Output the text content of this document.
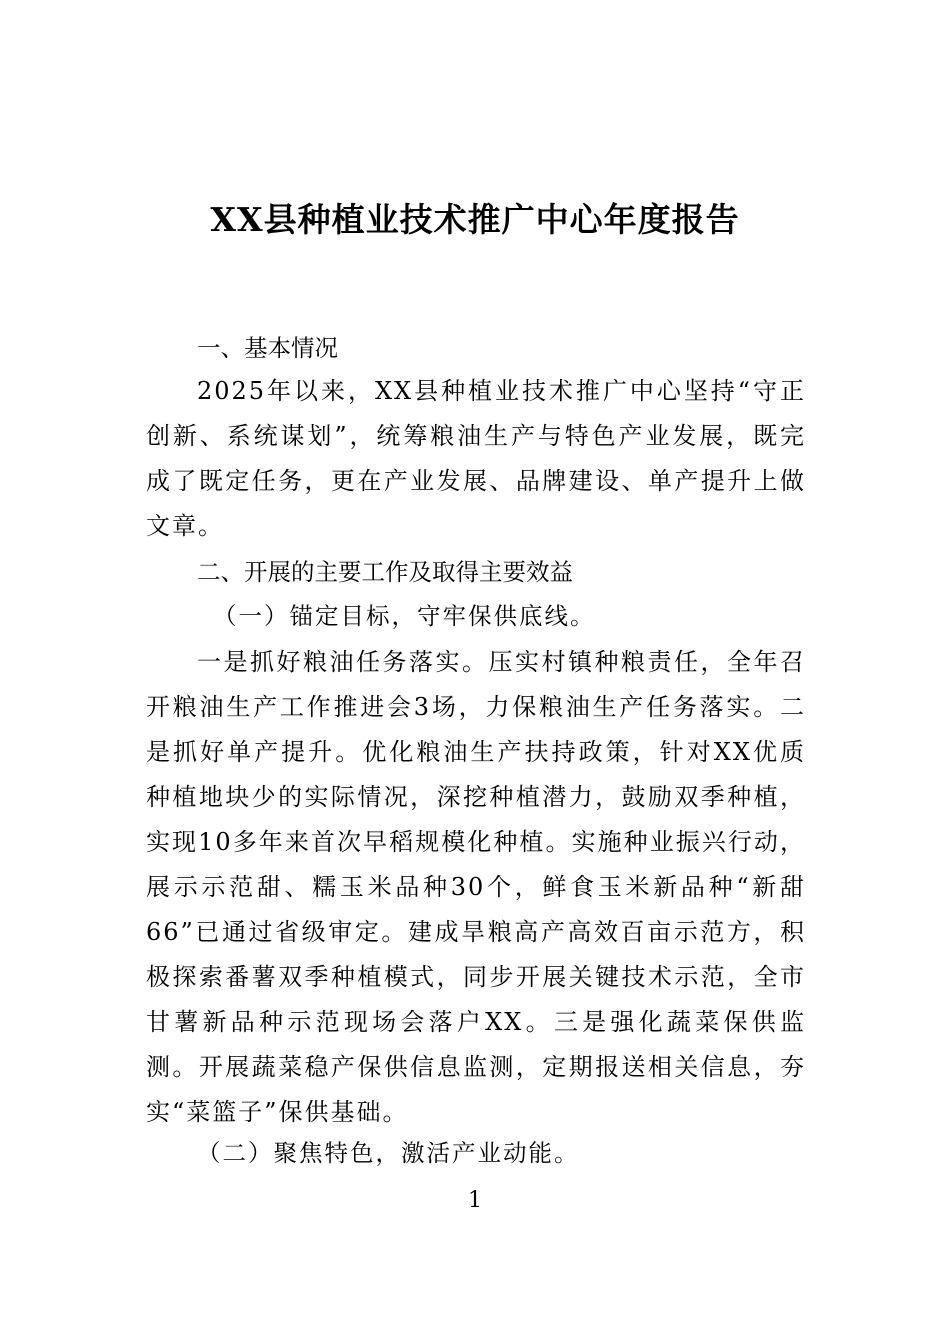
XX县种植业技术推广中心年度报告
一、基本情况

2025年以来，XX县种植业技术推广中心坚持“守正创新、系统谋划”，统筹粮油生产与特色产业发展，既完成了既定任务，更在产业发展、品牌建设、单产提升上做文章。

二、开展的主要工作及取得主要效益
（一）锚定目标，守牢保供底线。

一是抓好粮油任务落实。压实村镇种粮责任，全年召开粮油生产工作推进会3场，力保粮油生产任务落实。二是抓好单产提升。优化粮油生产扶持政策，针对XX优质种植地块少的实际情况，深挖种植潜力，鼓励双季种植，实现10多年来首次早稻规模化种植。实施种业振兴行动，展示示范甜、糯玉米品种30个，鲜食玉米新品种“新甜66”已通过省级审定。建成旱粮高产高效百亩示范方，积极探索番薯双季种植模式，同步开展关键技术示范，全市甘薯新品种示范现场会落户XX。三是强化蔬菜保供监测。开展蔬菜稳产保供信息监测，定期报送相关信息，夯实“菜篮子”保供基础。

（二）聚焦特色，激活产业动能。
1
